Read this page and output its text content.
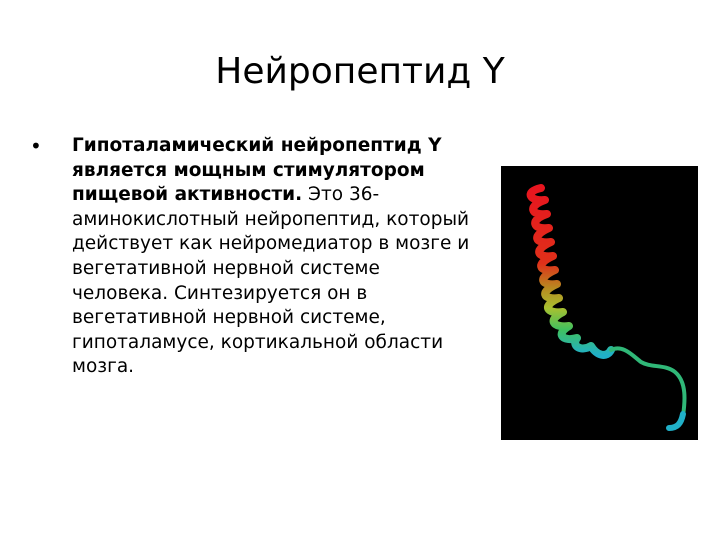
Нейропептид Y
• Гипоталамический нейропептид Y является мощным стимулятором пищевой активности. Это 36-аминокислотный нейропептид, который действует как нейромедиатор в мозге и вегетативной нервной системе человека. Синтезируется он в вегетативной нервной системе, гипоталамусе, кортикальной области мозга.
